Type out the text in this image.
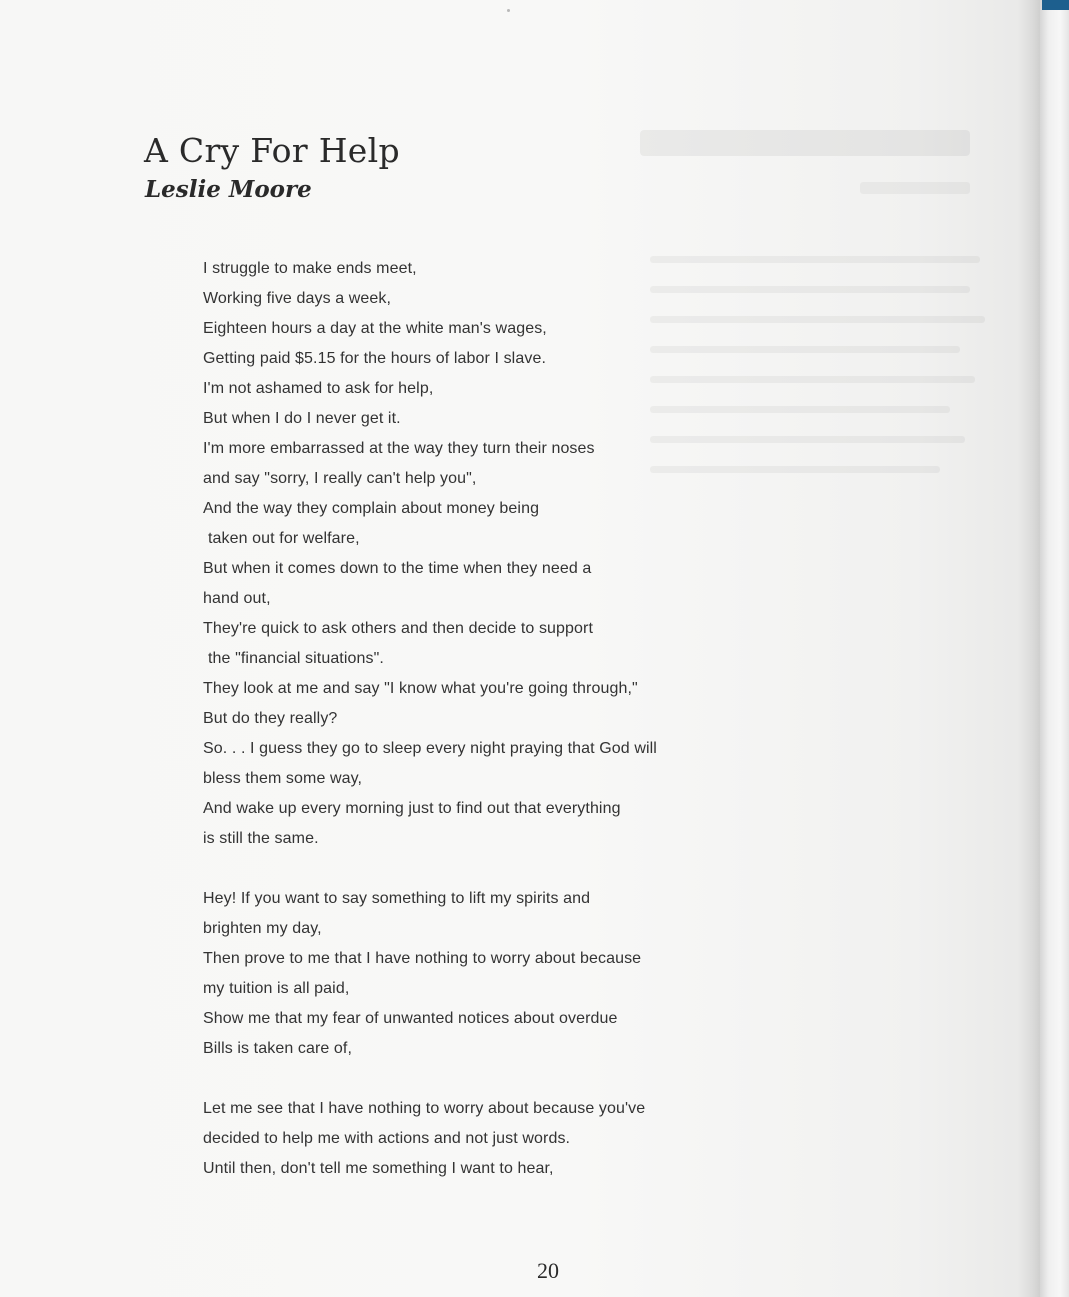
A Cry For Help
Leslie Moore

I struggle to make ends meet,
Working five days a week,
Eighteen hours a day at the white man's wages,
Getting paid $5.15 for the hours of labor I slave.
I'm not ashamed to ask for help,
But when I do I never get it.
I'm more embarrassed at the way they turn their noses
and say "sorry, I really can't help you",
And the way they complain about money being
taken out for welfare,
But when it comes down to the time when they need a
hand out,
They're quick to ask others and then decide to support
the "financial situations".
They look at me and say "I know what you're going through,"
But do they really?
So. . . I guess they go to sleep every night praying that God will
bless them some way,
And wake up every morning just to find out that everything
is still the same.

Hey! If you want to say something to lift my spirits and
brighten my day,
Then prove to me that I have nothing to worry about because
my tuition is all paid,
Show me that my fear of unwanted notices about overdue
Bills is taken care of,

Let me see that I have nothing to worry about because you've
decided to help me with actions and not just words.
Until then, don't tell me something I want to hear,

20
